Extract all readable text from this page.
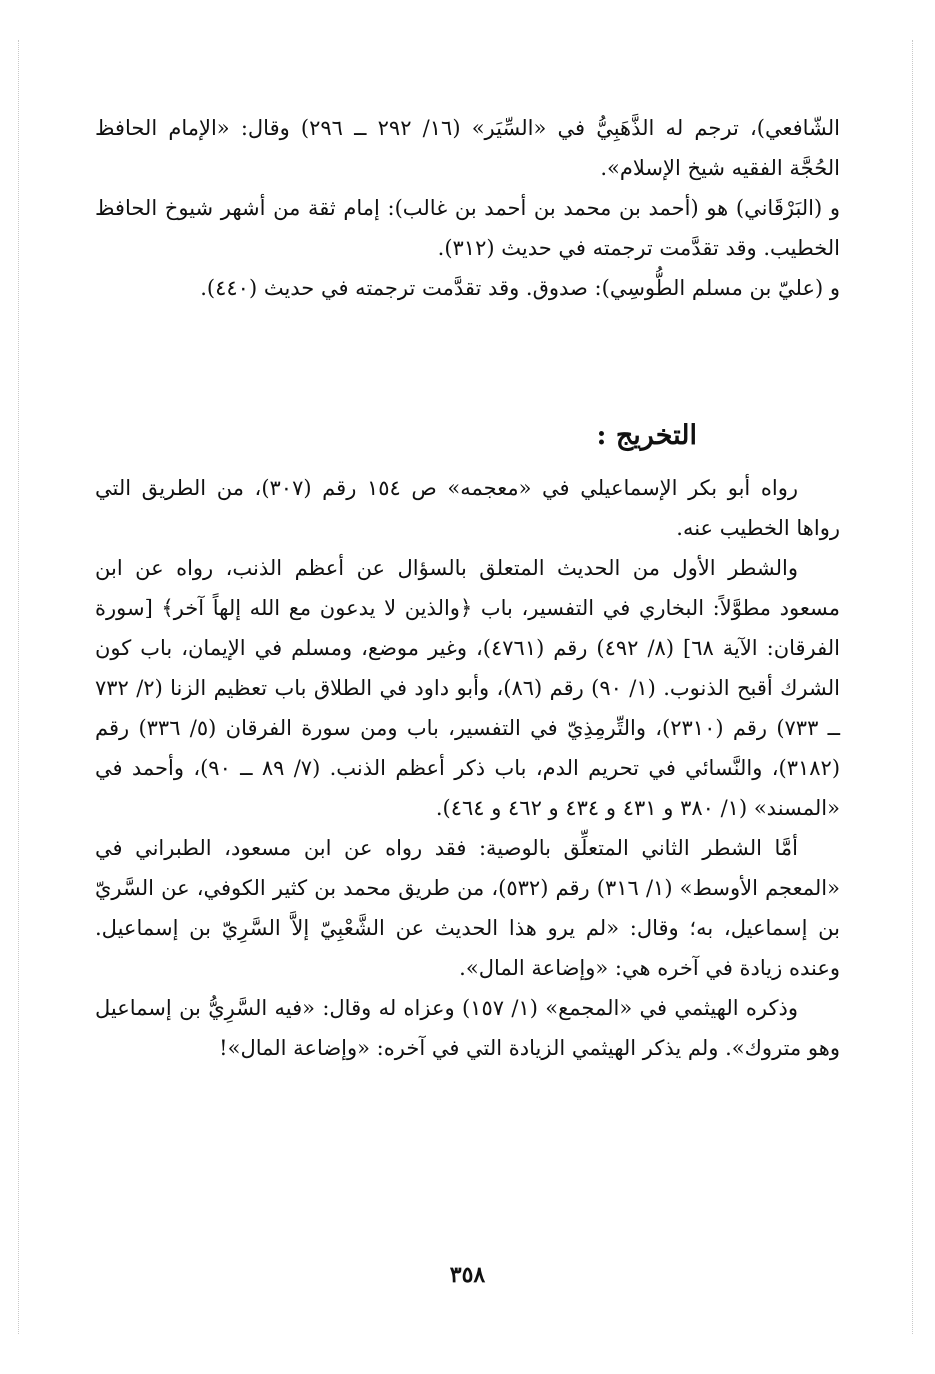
الشّافعي)، ترجم له الذَّهَبِيُّ في «السِّيَر» (١٦/ ٢٩٢ ــ ٢٩٦) وقال: «الإمام الحافظ الحُجَّة الفقيه شيخ الإسلام».

و (البَرْقَاني) هو (أحمد بن محمد بن أحمد بن غالب): إمام ثقة من أشهر شيوخ الحافظ الخطيب. وقد تقدَّمت ترجمته في حديث (٣١٢).

و (عليّ بن مسلم الطُّوسِي): صدوق. وقد تقدَّمت ترجمته في حديث (٤٤٠).

التخريج :

رواه أبو بكر الإسماعيلي في «معجمه» ص ١٥٤ رقم (٣٠٧)، من الطريق التي رواها الخطيب عنه.

والشطر الأول من الحديث المتعلق بالسؤال عن أعظم الذنب، رواه عن ابن مسعود مطوَّلاً: البخاري في التفسير، باب ﴿والذين لا يدعون مع الله إلهاً آخر﴾ [سورة الفرقان: الآية ٦٨] (٨/ ٤٩٢) رقم (٤٧٦١)، وغير موضع، ومسلم في الإيمان، باب كون الشرك أقبح الذنوب. (١/ ٩٠) رقم (٨٦)، وأبو داود في الطلاق باب تعظيم الزنا (٢/ ٧٣٢ ــ ٧٣٣) رقم (٢٣١٠)، والتِّرمِذِيّ في التفسير، باب ومن سورة الفرقان (٥/ ٣٣٦) رقم (٣١٨٢)، والنَّسائي في تحريم الدم، باب ذكر أعظم الذنب. (٧/ ٨٩ ــ ٩٠)، وأحمد في «المسند» (١/ ٣٨٠ و ٤٣١ و ٤٣٤ و ٤٦٢ و ٤٦٤).

أمَّا الشطر الثاني المتعلِّق بالوصية: فقد رواه عن ابن مسعود، الطبراني في «المعجم الأوسط» (١/ ٣١٦) رقم (٥٣٢)، من طريق محمد بن كثير الكوفي، عن السَّريّ بن إسماعيل، به؛ وقال: «لم يرو هذا الحديث عن الشَّعْبِيّ إلاَّ السَّرِيّ بن إسماعيل. وعنده زيادة في آخره هي: «وإضاعة المال».

وذكره الهيثمي في «المجمع» (١/ ١٥٧) وعزاه له وقال: «فيه السَّرِيُّ بن إسماعيل وهو متروك». ولم يذكر الهيثمي الزيادة التي في آخره: «وإضاعة المال»!

٣٥٨
